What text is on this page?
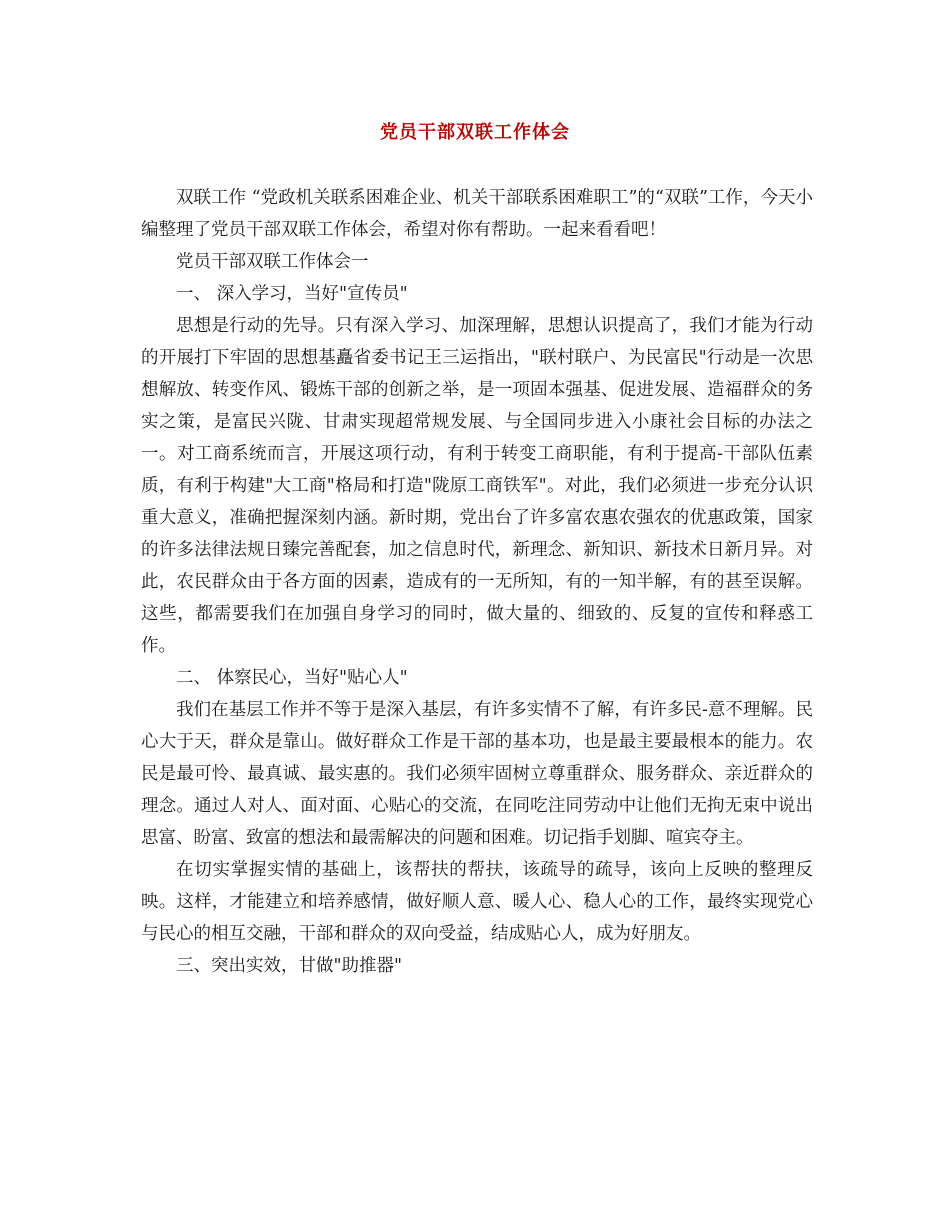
党员干部双联工作体会

双联工作 “党政机关联系困难企业、机关干部联系困难职工”的“双联”工作，今天小编整理了党员干部双联工作体会，希望对你有帮助。一起来看看吧！

党员干部双联工作体会一

一、 深入学习，当好"宣传员"

思想是行动的先导。只有深入学习、加深理解，思想认识提高了，我们才能为行动的开展打下牢固的思想基矗省委书记王三运指出，"联村联户、为民富民"行动是一次思想解放、转变作风、锻炼干部的创新之举，是一项固本强基、促进发展、造福群众的务实之策，是富民兴陇、甘肃实现超常规发展、与全国同步进入小康社会目标的办法之一。对工商系统而言，开展这项行动，有利于转变工商职能，有利于提高-干部队伍素质，有利于构建"大工商"格局和打造"陇原工商铁军"。对此，我们必须进一步充分认识重大意义，准确把握深刻内涵。新时期，党出台了许多富农惠农强农的优惠政策，国家的许多法律法规日臻完善配套，加之信息时代，新理念、新知识、新技术日新月异。对此，农民群众由于各方面的因素，造成有的一无所知，有的一知半解，有的甚至误解。这些，都需要我们在加强自身学习的同时，做大量的、细致的、反复的宣传和释惑工作。

二、 体察民心，当好"贴心人"

我们在基层工作并不等于是深入基层，有许多实情不了解，有许多民-意不理解。民心大于天，群众是靠山。做好群众工作是干部的基本功，也是最主要最根本的能力。农民是最可怜、最真诚、最实惠的。我们必须牢固树立尊重群众、服务群众、亲近群众的理念。通过人对人、面对面、心贴心的交流，在同吃注同劳动中让他们无拘无束中说出思富、盼富、致富的想法和最需解决的问题和困难。切记指手划脚、喧宾夺主。

在切实掌握实情的基础上，该帮扶的帮扶，该疏导的疏导，该向上反映的整理反映。这样，才能建立和培养感情，做好顺人意、暖人心、稳人心的工作，最终实现党心与民心的相互交融，干部和群众的双向受益，结成贴心人，成为好朋友。

三、突出实效，甘做"助推器"
